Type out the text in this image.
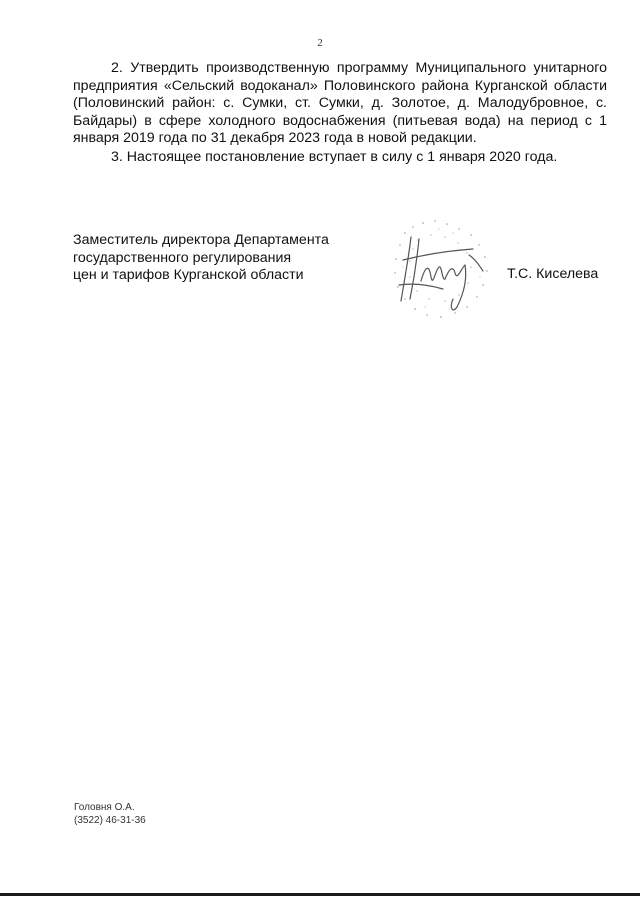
2

2. Утвердить производственную программу Муниципального унитарного предприятия «Сельский водоканал» Половинского района Курганской области (Половинский район: с. Сумки, ст. Сумки, д. Золотое, д. Малодубровное, с. Байдары) в сфере холодного водоснабжения (питьевая вода) на период с 1 января 2019 года по 31 декабря 2023 года в новой редакции.

3. Настоящее постановление вступает в силу с 1 января 2020 года.

Заместитель директора Департамента
государственного регулирования
цен и тарифов Курганской области	Т.С. Киселева
Головня О.А.
(3522) 46-31-36
